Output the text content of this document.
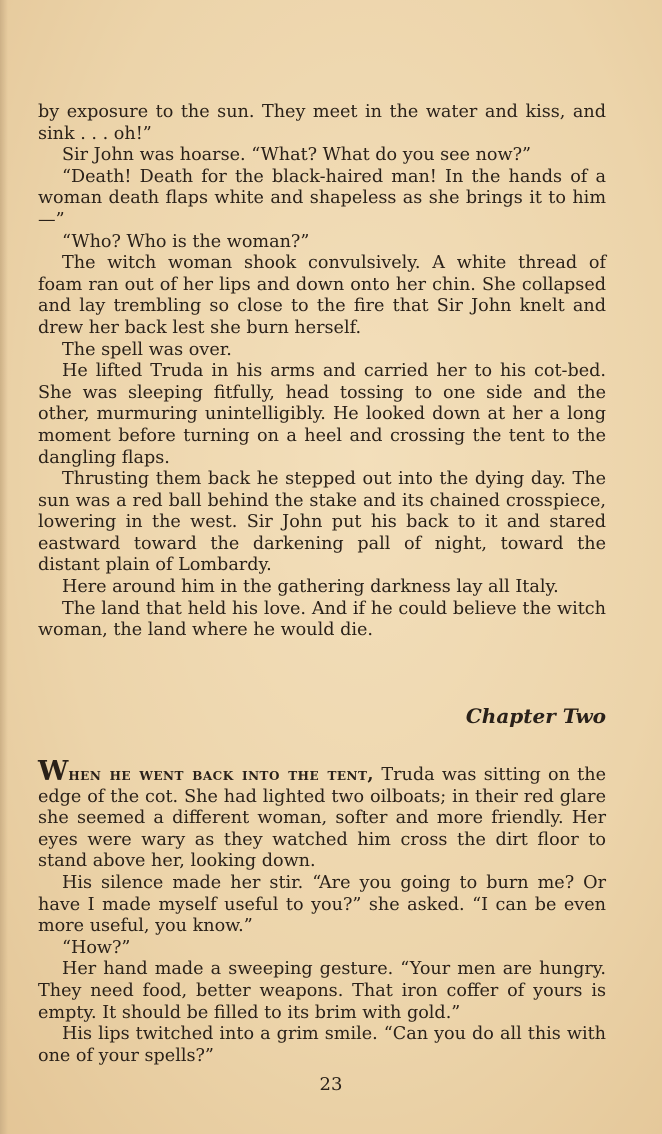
by exposure to the sun. They meet in the water and kiss, and sink . . . oh!”

Sir John was hoarse. “What? What do you see now?”

“Death! Death for the black-haired man! In the hands of a woman death flaps white and shapeless as she brings it to him—”

“Who? Who is the woman?”

The witch woman shook convulsively. A white thread of foam ran out of her lips and down onto her chin. She collapsed and lay trembling so close to the fire that Sir John knelt and drew her back lest she burn herself.

The spell was over.

He lifted Truda in his arms and carried her to his cot-bed. She was sleeping fitfully, head tossing to one side and the other, murmuring unintelligibly. He looked down at her a long moment before turning on a heel and crossing the tent to the dangling flaps.

Thrusting them back he stepped out into the dying day. The sun was a red ball behind the stake and its chained crosspiece, lowering in the west. Sir John put his back to it and stared eastward toward the darkening pall of night, toward the distant plain of Lombardy.

Here around him in the gathering darkness lay all Italy.

The land that held his love. And if he could believe the witch woman, the land where he would die.

Chapter Two

When he went back into the tent, Truda was sitting on the edge of the cot. She had lighted two oilboats; in their red glare she seemed a different woman, softer and more friendly. Her eyes were wary as they watched him cross the dirt floor to stand above her, looking down.

His silence made her stir. “Are you going to burn me? Or have I made myself useful to you?” she asked. “I can be even more useful, you know.”

“How?”

Her hand made a sweeping gesture. “Your men are hungry. They need food, better weapons. That iron coffer of yours is empty. It should be filled to its brim with gold.”

His lips twitched into a grim smile. “Can you do all this with one of your spells?”

23
